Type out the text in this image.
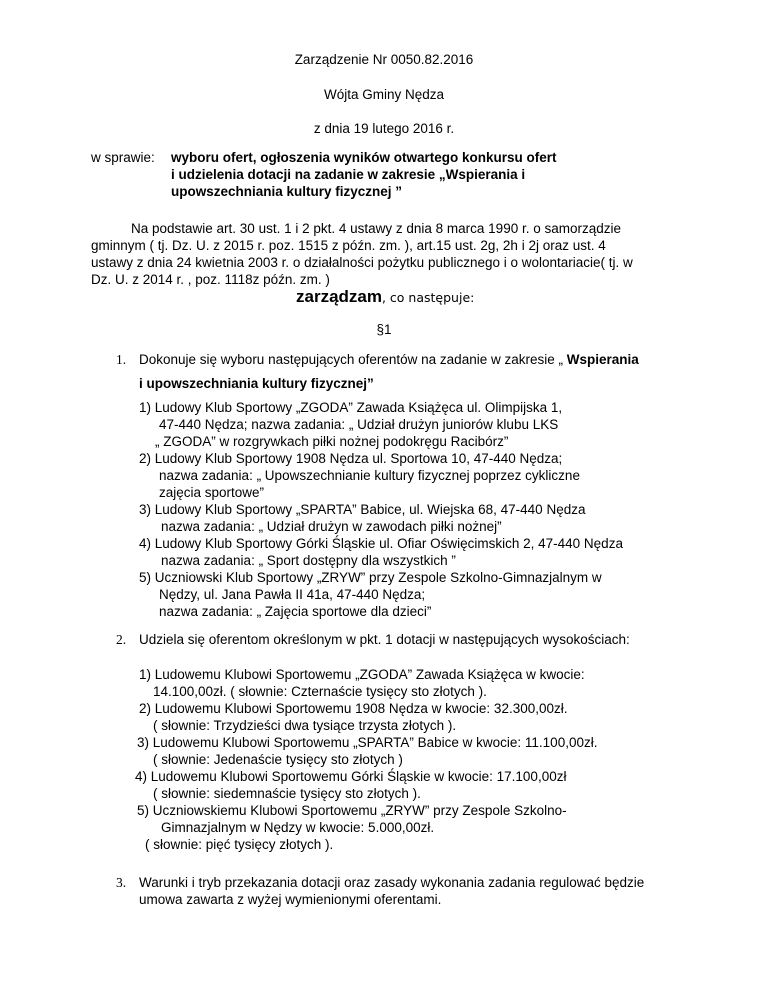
Zarządzenie Nr 0050.82.2016
Wójta Gminy Nędza
z dnia 19 lutego 2016 r.
w sprawie: wyboru ofert, ogłoszenia wyników otwartego konkursu ofert
i udzielenia dotacji na zadanie w zakresie „Wspierania i
upowszechniania kultury fizycznej ”
Na podstawie art. 30 ust. 1 i 2 pkt. 4 ustawy z dnia 8 marca 1990 r. o samorządzie
gminnym ( tj. Dz. U. z 2015 r. poz. 1515 z późn. zm. ), art.15 ust. 2g, 2h i 2j oraz ust. 4
ustawy z dnia 24 kwietnia 2003 r. o działalności pożytku publicznego i o wolontariacie( tj. w
Dz. U. z 2014 r. , poz. 1118z późn. zm. )
zarządzam, co następuje:
§1
1. Dokonuje się wyboru następujących oferentów na zadanie w zakresie „ Wspierania
i upowszechniania kultury fizycznej”
1) Ludowy Klub Sportowy „ZGODA” Zawada Książęca ul. Olimpijska 1,
47-440 Nędza; nazwa zadania: „ Udział drużyn juniorów klubu LKS
„ ZGODA” w rozgrywkach piłki nożnej podokręgu Racibórz”
2) Ludowy Klub Sportowy 1908 Nędza ul. Sportowa 10, 47-440 Nędza;
nazwa zadania: „ Upowszechnianie kultury fizycznej poprzez cykliczne
zajęcia sportowe”
3) Ludowy Klub Sportowy „SPARTA” Babice, ul. Wiejska 68, 47-440 Nędza
nazwa zadania: „ Udział drużyn w zawodach piłki nożnej”
4) Ludowy Klub Sportowy Górki Śląskie ul. Ofiar Oświęcimskich 2, 47-440 Nędza
nazwa zadania: „ Sport dostępny dla wszystkich ”
5) Uczniowski Klub Sportowy „ZRYW” przy Zespole Szkolno-Gimnazjalnym w
Nędzy, ul. Jana Pawła II 41a, 47-440 Nędza;
nazwa zadania: „ Zajęcia sportowe dla dzieci”
2. Udziela się oferentom określonym w pkt. 1 dotacji w następujących wysokościach:
1) Ludowemu Klubowi Sportowemu „ZGODA” Zawada Książęca w kwocie:
14.100,00zł. ( słownie: Czternaście tysięcy sto złotych ).
2) Ludowemu Klubowi Sportowemu 1908 Nędza w kwocie: 32.300,00zł.
( słownie: Trzydzieści dwa tysiące trzysta złotych ).
3) Ludowemu Klubowi Sportowemu „SPARTA” Babice w kwocie: 11.100,00zł.
( słownie: Jedenaście tysięcy sto złotych )
4) Ludowemu Klubowi Sportowemu Górki Śląskie w kwocie: 17.100,00zł
( słownie: siedemnaście tysięcy sto złotych ).
5) Uczniowskiemu Klubowi Sportowemu „ZRYW” przy Zespole Szkolno-
Gimnazjalnym w Nędzy w kwocie: 5.000,00zł.
( słownie: pięć tysięcy złotych ).
3. Warunki i tryb przekazania dotacji oraz zasady wykonania zadania regulować będzie
umowa zawarta z wyżej wymienionymi oferentami.
